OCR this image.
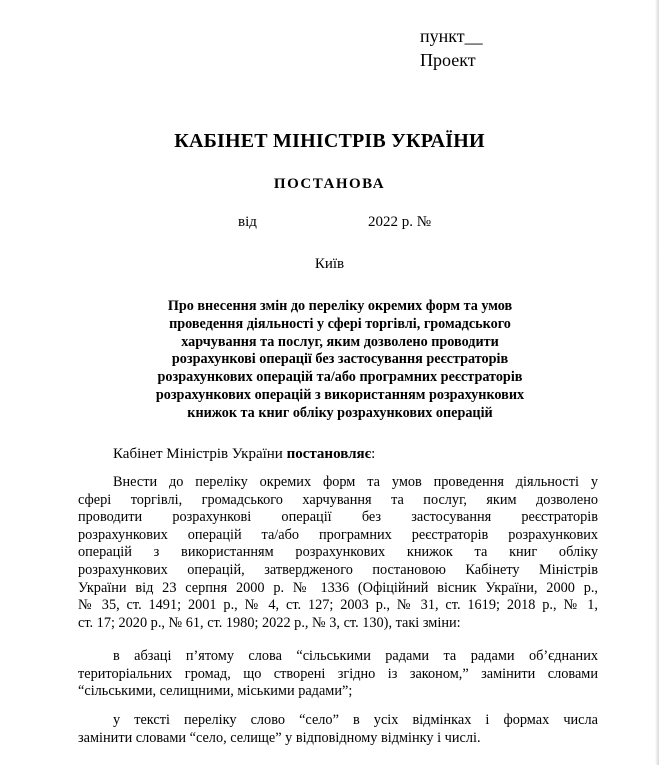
пункт__
Проект
КАБІНЕТ МІНІСТРІВ УКРАЇНИ
ПОСТАНОВА
від	2022 р. №
Київ
Про внесення змін до переліку окремих форм та умов
проведення діяльності у сфері торгівлі, громадського
харчування та послуг, яким дозволено проводити
розрахункові операції без застосування реєстраторів
розрахункових операцій та/або програмних реєстраторів
розрахункових операцій з використанням розрахункових
книжок та книг обліку розрахункових операцій
Кабінет Міністрів України постановляє:
Внести до переліку окремих форм та умов проведення діяльності у
сфері торгівлі, громадського харчування та послуг, яким дозволено
проводити розрахункові операції без застосування реєстраторів
розрахункових операцій та/або програмних реєстраторів розрахункових
операцій з використанням розрахункових книжок та книг обліку
розрахункових операцій, затвердженого постановою Кабінету Міністрів
України від 23 серпня 2000 р. № 1336 (Офіційний вісник України, 2000 р.,
№ 35, ст. 1491; 2001 р., № 4, ст. 127; 2003 р., № 31, ст. 1619; 2018 р., № 1,
ст. 17; 2020 р., № 61, ст. 1980; 2022 р., № 3, ст. 130), такі зміни:
в абзаці п’ятому слова “сільськими радами та радами об’єднаних
територіальних громад, що створені згідно із законом,” замінити словами
“сільськими, селищними, міськими радами”;
у тексті переліку слово “село” в усіх відмінках і формах числа
замінити словами “село, селище” у відповідному відмінку і числі.
